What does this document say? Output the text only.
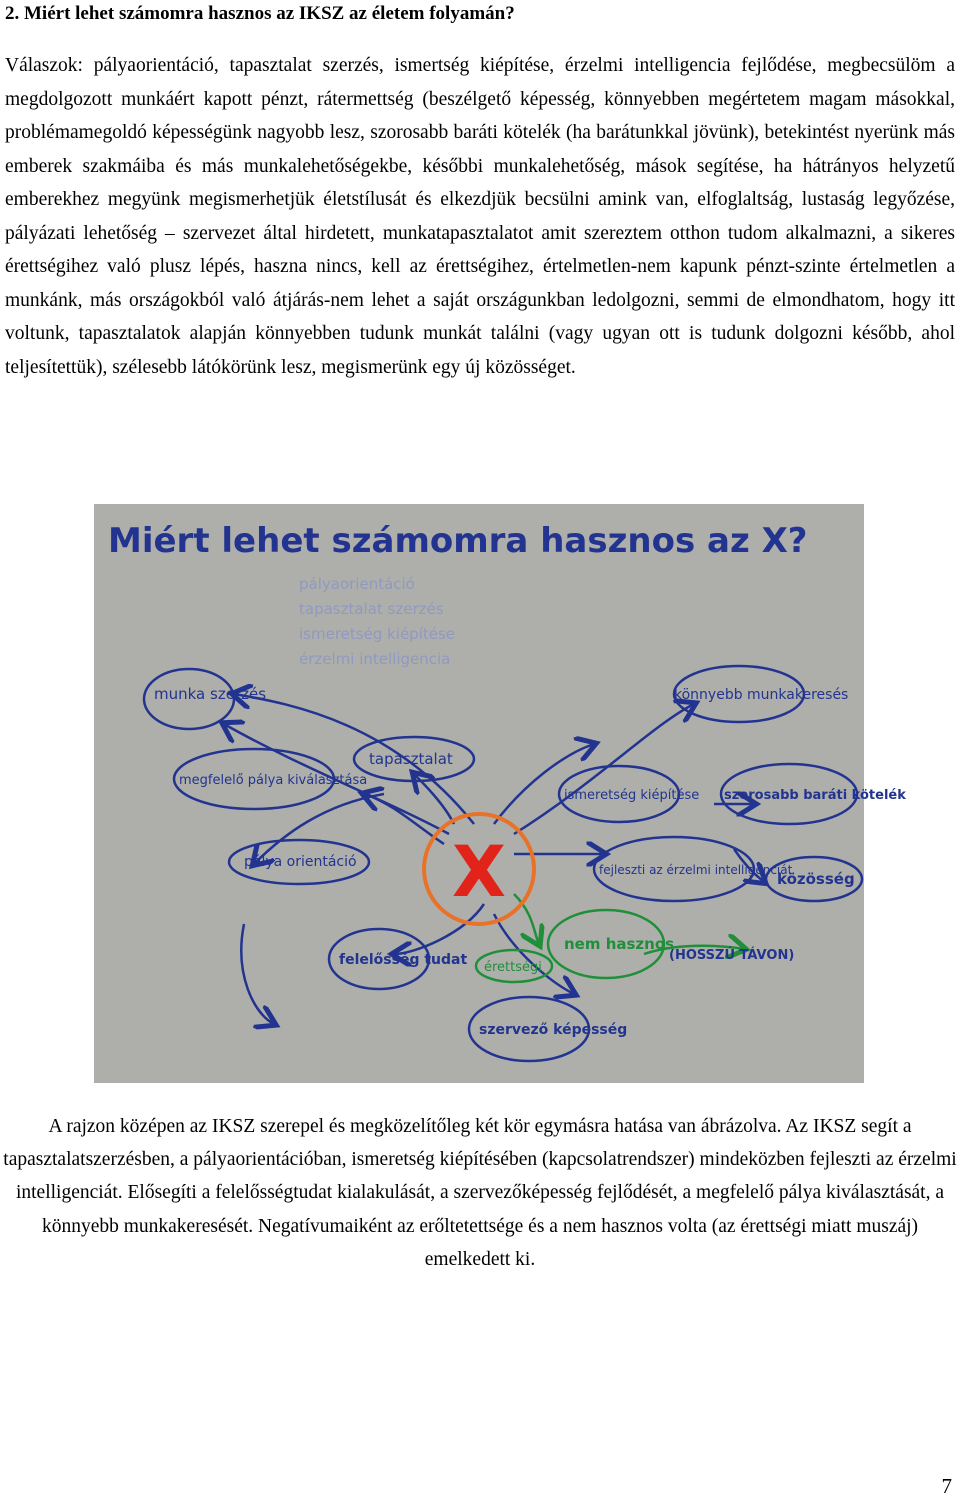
2. Miért lehet számomra hasznos az IKSZ az életem folyamán?

Válaszok: pályaorientáció, tapasztalat szerzés, ismertség kiépítése, érzelmi intelligencia fejlődése, megbecsülöm a megdolgozott munkáért kapott pénzt, rátermettség (beszélgető képesség, könnyebben megértetem magam másokkal, problémamegoldó képességünk nagyobb lesz, szorosabb baráti kötelék (ha barátunkkal jövünk), betekintést nyerünk más emberek szakmáiba és más munkalehetőségekbe, későbbi munkalehetőség, mások segítése, ha hátrányos helyzetű emberekhez megyünk megismerhetjük életstílusát és elkezdjük becsülni amink van, elfoglaltság, lustaság legyőzése, pályázati lehetőség – szervezet által hirdetett, munkatapasztalatot amit szereztem otthon tudom alkalmazni, a sikeres érettségihez való plusz lépés, haszna nincs, kell az érettségihez, értelmetlen-nem kapunk pénzt-szinte értelmetlen a munkánk, más országokból való átjárás-nem lehet a saját országunkban ledolgozni, semmi de elmondhatom, hogy itt voltunk, tapasztalatok alapján könnyebben tudunk munkát találni (vagy ugyan ott is tudunk dolgozni később, ahol teljesítettük), szélesebb látókörünk lesz, megismerünk egy új közösséget.

Miért lehet számomra hasznos az X?
pályaorientáció
tapasztalat szerzés
ismeretség kiépítése
érzelmi intelligencia
X
munka szerzés	könnyebb munkakeresés
megfelelő pálya kiválasztása
tapasztalat
ismeretség kiépítése szorosabb baráti kötelék
pálya orientáció	fejleszti az érzelmi intelligenciát
közösség
felelősség tudat
szervező képesség
(HOSSZÚ TÁVON)
nem hasznos
érettségi

A rajzon középen az IKSZ szerepel és megközelítőleg két kör egymásra hatása van ábrázolva. Az IKSZ segít a tapasztalatszerzésben, a pályaorientációban, ismeretség kiépítésében (kapcsolatrendszer) mindeközben fejleszti az érzelmi intelligenciát. Elősegíti a felelősségtudat kialakulását, a szervezőképesség fejlődését, a megfelelő pálya kiválasztását, a könnyebb munkakeresését. Negatívumaiként az erőltetettsége és a nem hasznos volta (az érettségi miatt muszáj) emelkedett ki.

7
